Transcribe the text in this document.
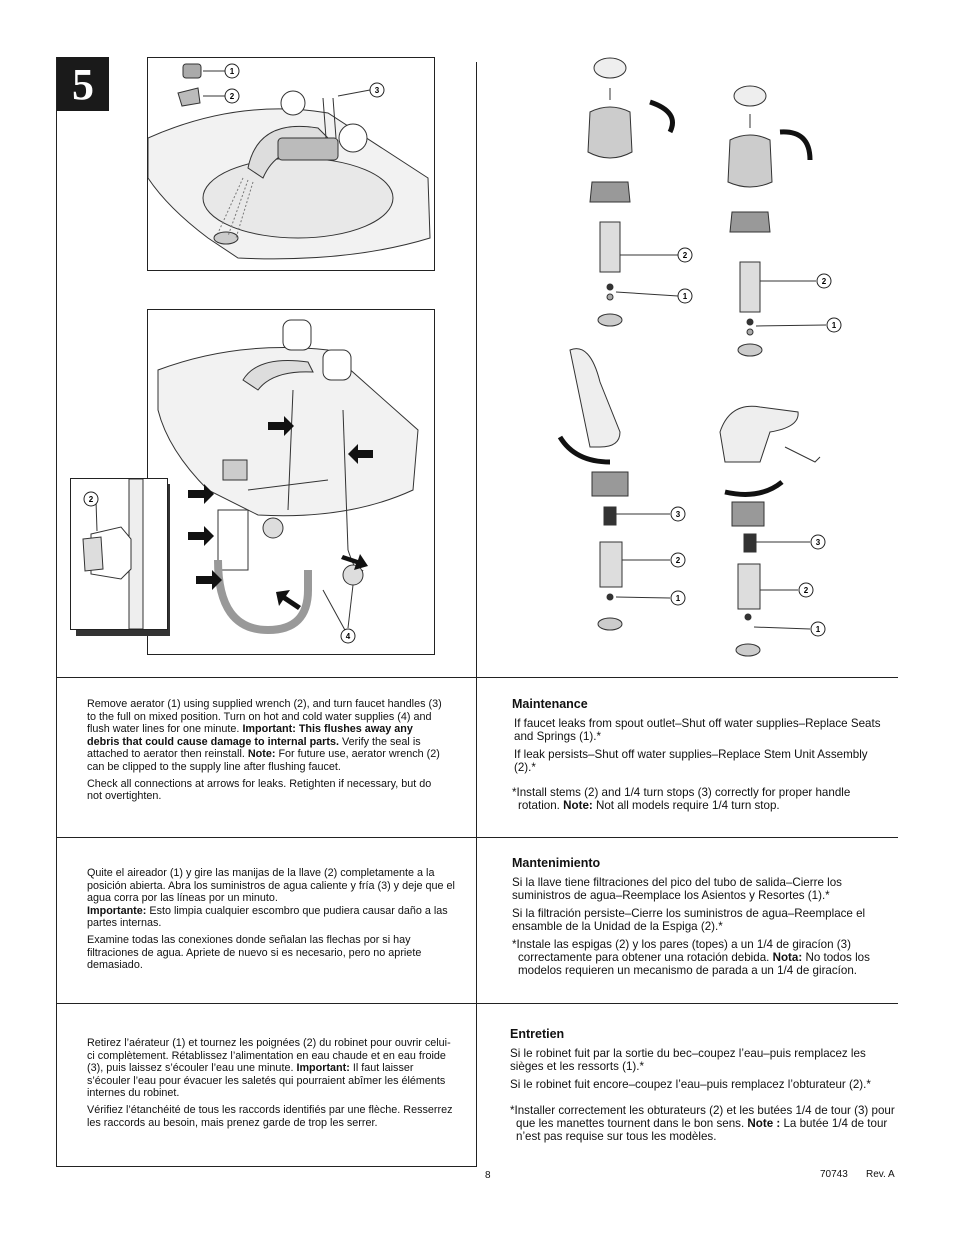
5	1
2
3
4
2
2
1
2
1
3
2
1
3
2
1

Remove aerator (1) using supplied wrench (2), and turn faucet handles (3) to the full on mixed position. Turn on hot and cold water supplies (4) and flush water lines for one minute. Important: This flushes away any debris that could cause damage to internal parts. Verify the seal is attached to aerator then reinstall. Note: For future use, aerator wrench (2) can be clipped to the supply line after flushing faucet.

Check all connections at arrows for leaks. Retighten if necessary, but do not overtighten.

Quite el aireador (1) y gire las manijas de la llave (2) completamente a la posición abierta. Abra los suministros de agua caliente y fría (3) y deje que el agua corra por las líneas por un minuto.
Importante: Esto limpia cualquier escombro que pudiera causar daño a las partes internas.

Examine todas las conexiones donde señalan las flechas por si hay filtraciones de agua. Apriete de nuevo si es necesario, pero no apriete demasiado.

Retirez l’aérateur (1) et tournez les poignées (2) du robinet pour ouvrir celui-ci complètement. Rétablissez l’alimentation en eau chaude et en eau froide (3), puis laissez s’écouler l’eau une minute. Important: Il faut laisser s’écouler l’eau pour évacuer les saletés qui pourraient abîmer les éléments internes du robinet.

Vérifiez l’étanchéité de tous les raccords identifiés par une flèche. Resserrez les raccords au besoin, mais prenez garde de trop les serrer.

Maintenance

If faucet leaks from spout outlet–Shut off water supplies–Replace Seats and Springs (1).*

If leak persists–Shut off water supplies–Replace Stem Unit Assembly (2).*

*Install stems (2) and 1/4 turn stops (3) correctly for proper handle rotation. Note: Not all models require 1/4 turn stop.

Mantenimiento

Si la llave tiene filtraciones del pico del tubo de salida–Cierre los suministros de agua–Reemplace los Asientos y Resortes (1).*

Si la filtración persiste–Cierre los suministros de agua–Reemplace el ensamble de la Unidad de la Espiga (2).*

*Instale las espigas (2) y los pares (topes) a un 1/4 de giracíon (3) correctamente para obtener una rotación debida. Nota: No todos los modelos requieren un mecanismo de parada a un 1/4 de giracíon.

Entretien

Si le robinet fuit par la sortie du bec–coupez l’eau–puis remplacez les sièges et les ressorts (1).*

Si le robinet fuit encore–coupez l’eau–puis remplacez l’obturateur (2).*

*Installer correctement les obturateurs (2) et les butées 1/4 de tour (3) pour que les manettes tournent dans le bon sens. Note : La butée 1/4 de tour n’est pas requise sur tous les modèles.

8	70743 Rev. A
